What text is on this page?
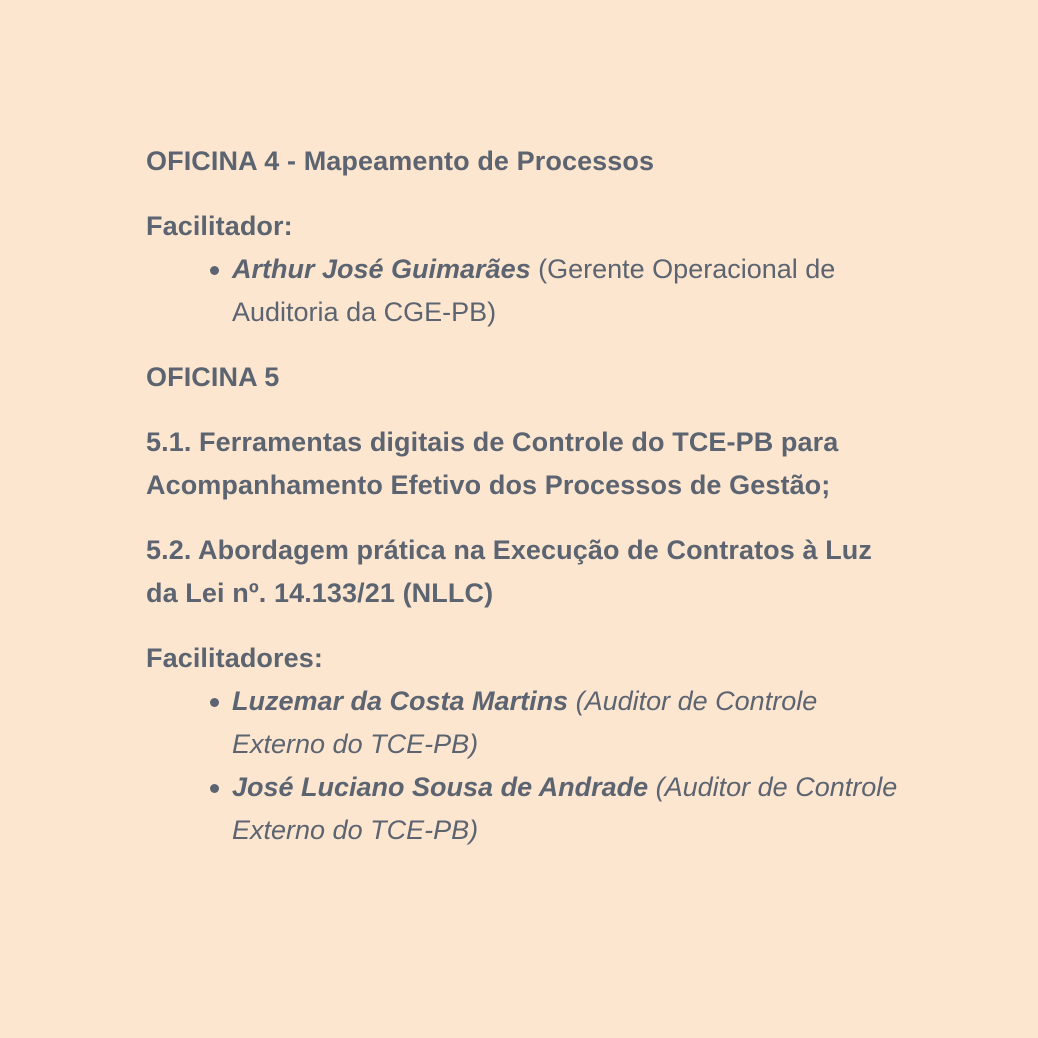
OFICINA 4 - Mapeamento de Processos

Facilitador:

Arthur José Guimarães (Gerente Operacional de Auditoria da CGE-PB)

OFICINA 5

5.1. Ferramentas digitais de Controle do TCE-PB para Acompanhamento Efetivo dos Processos de Gestão;

5.2. Abordagem prática na Execução de Contratos à Luz da Lei nº. 14.133/21 (NLLC)

Facilitadores:

Luzemar da Costa Martins (Auditor de Controle Externo do TCE-PB)
José Luciano Sousa de Andrade (Auditor de Controle Externo do TCE-PB)
